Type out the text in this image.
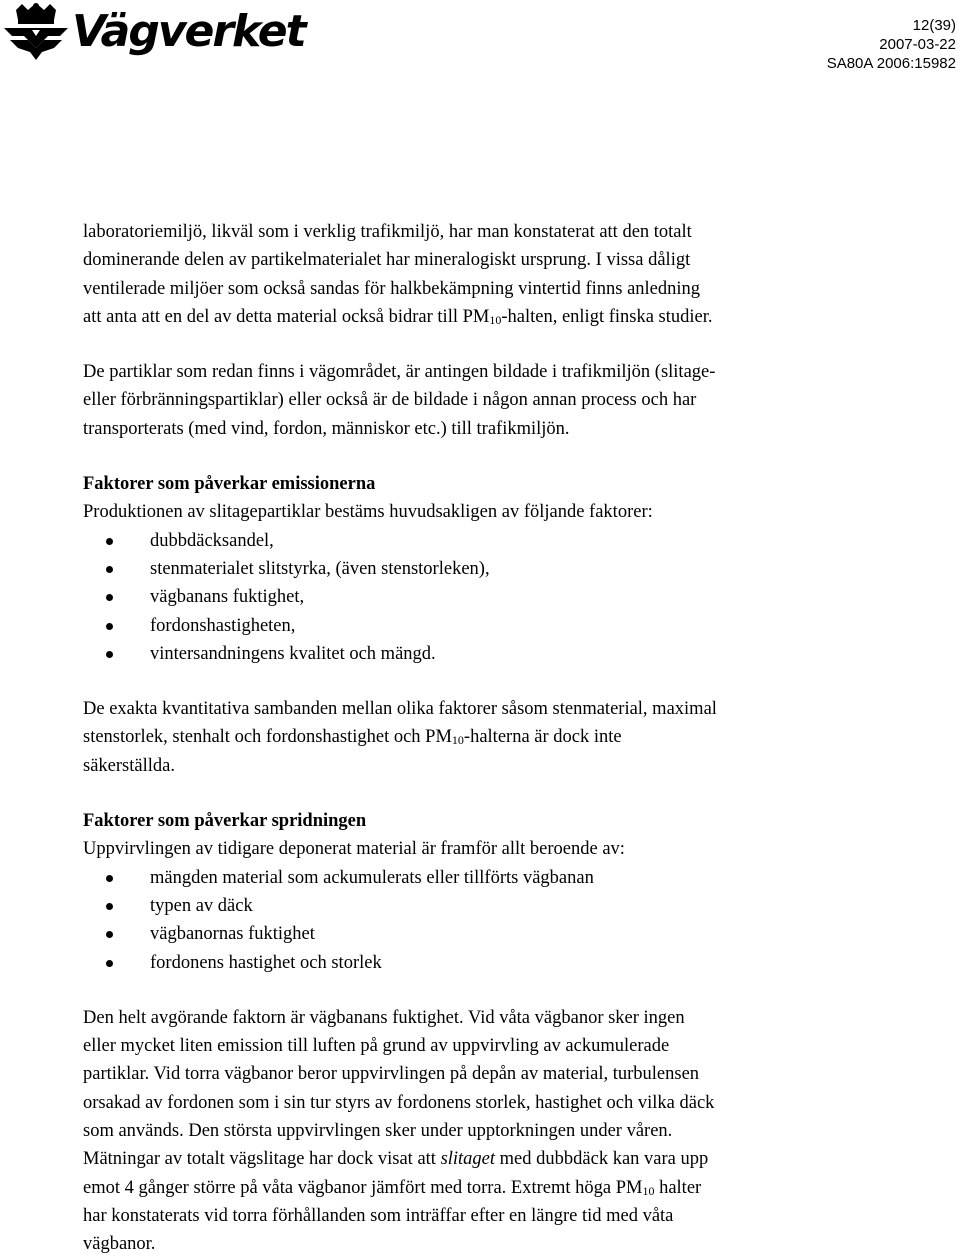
Vägverket	12(39)
2007-03-22
SA80A 2006:15982

laboratoriemiljö, likväl som i verklig trafikmiljö, har man konstaterat att den totalt
dominerande delen av partikelmaterialet har mineralogiskt ursprung. I vissa dåligt
ventilerade miljöer som också sandas för halkbekämpning vintertid finns anledning
att anta att en del av detta material också bidrar till $PM_{10}$-halten, enligt finska studier.

De partiklar som redan finns i vägområdet, är antingen bildade i trafikmiljön (slitage-
eller förbränningspartiklar) eller också är de bildade i någon annan process och har
transporterats (med vind, fordon, människor etc.) till trafikmiljön.

Faktorer som påverkar emissionerna
Produktionen av slitagepartiklar bestäms huvudsakligen av följande faktorer:

dubbdäcksandel,
stenmaterialet slitstyrka, (även stenstorleken),
vägbanans fuktighet,
fordonshastigheten,
vintersandningens kvalitet och mängd.

De exakta kvantitativa sambanden mellan olika faktorer såsom stenmaterial, maximal
stenstorlek, stenhalt och fordonshastighet och $PM_{10}$-halterna är dock inte
säkerställda.

Faktorer som påverkar spridningen
Uppvirvlingen av tidigare deponerat material är framför allt beroende av:

mängden material som ackumulerats eller tillförts vägbanan
typen av däck
vägbanornas fuktighet
fordonens hastighet och storlek

Den helt avgörande faktorn är vägbanans fuktighet. Vid våta vägbanor sker ingen
eller mycket liten emission till luften på grund av uppvirvling av ackumulerade
partiklar. Vid torra vägbanor beror uppvirvlingen på depån av material, turbulensen
orsakad av fordonen som i sin tur styrs av fordonens storlek, hastighet och vilka däck
som används. Den största uppvirvlingen sker under upptorkningen under våren.
Mätningar av totalt vägslitage har dock visat att slitaget med dubbdäck kan vara upp
emot 4 gånger större på våta vägbanor jämfört med torra. Extremt höga $PM_{10}$ halter
har konstaterats vid torra förhållanden som inträffar efter en längre tid med våta
vägbanor.
